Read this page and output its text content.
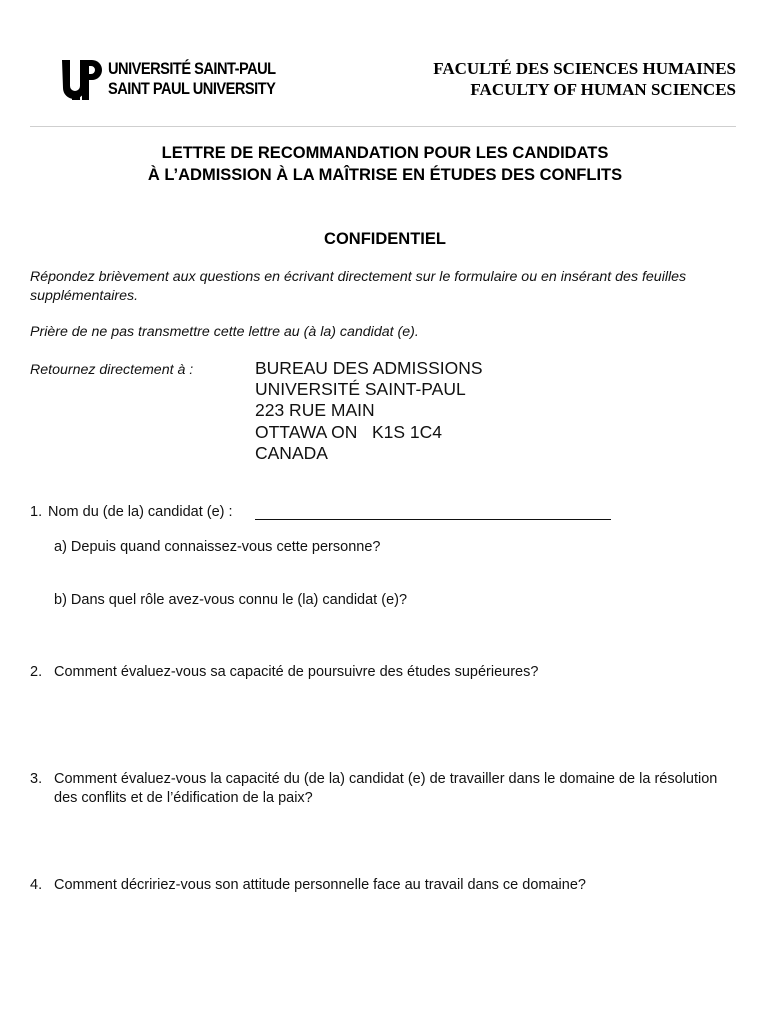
UNIVERSITÉ SAINT-PAUL
SAINT PAUL UNIVERSITY
FACULTÉ DES SCIENCES HUMAINES
FACULTY OF HUMAN SCIENCES
LETTRE DE RECOMMANDATION POUR LES CANDIDATS
À L’ADMISSION À LA MAÎTRISE EN ÉTUDES DES CONFLITS
CONFIDENTIEL
Répondez brièvement aux questions en écrivant directement sur le formulaire ou en insérant des feuilles supplémentaires.
Prière de ne pas transmettre cette lettre au (à la) candidat (e).
Retournez directement à :	BUREAU DES ADMISSIONS
UNIVERSITÉ SAINT-PAUL
223 RUE MAIN
OTTAWA ON   K1S 1C4
CANADA
1. Nom du (de la) candidat (e) :
a) Depuis quand connaissez-vous cette personne?
b) Dans quel rôle avez-vous connu le (la) candidat (e)?
2. Comment évaluez-vous sa capacité de poursuivre des études supérieures?
3. Comment évaluez-vous la capacité du (de la) candidat (e) de travailler dans le domaine de la résolution des conflits et de l’édification de la paix?
4. Comment décririez-vous son attitude personnelle face au travail dans ce domaine?
